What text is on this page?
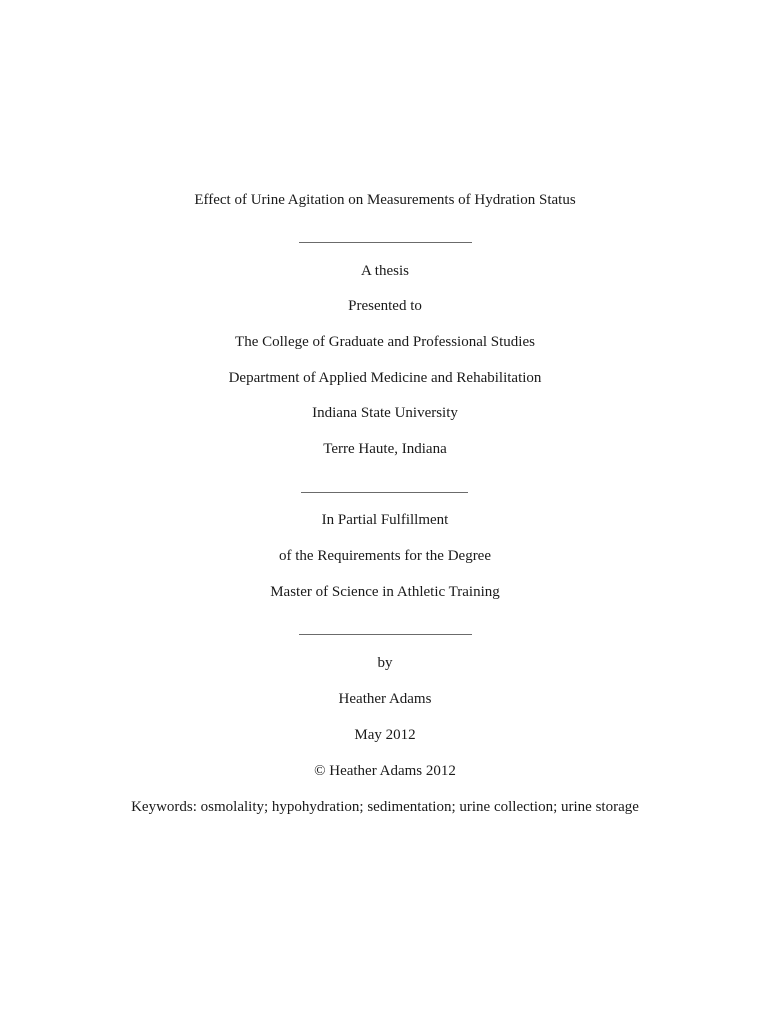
Effect of Urine Agitation on Measurements of Hydration Status
A thesis
Presented to
The College of Graduate and Professional Studies
Department of Applied Medicine and Rehabilitation
Indiana State University
Terre Haute, Indiana
In Partial Fulfillment
of the Requirements for the Degree
Master of Science in Athletic Training
by
Heather Adams
May 2012
© Heather Adams 2012
Keywords: osmolality; hypohydration; sedimentation; urine collection; urine storage
